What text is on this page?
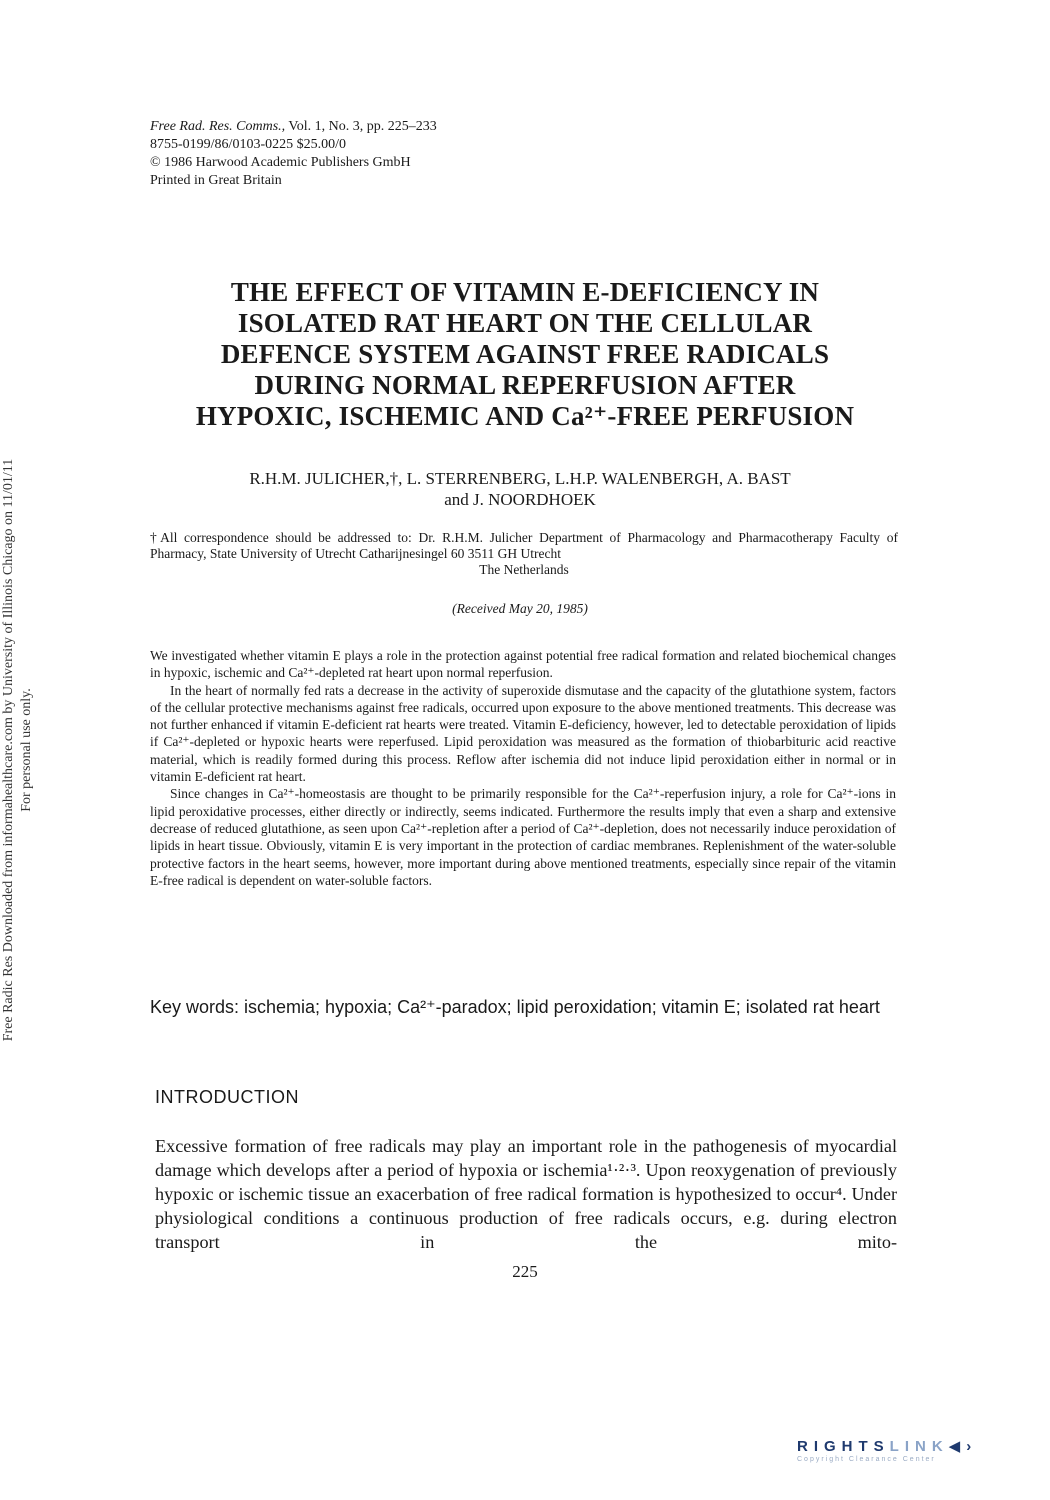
Free Radic Res Downloaded from informahealthcare.com by University of Illinois Chicago on 11/01/11 For personal use only.
Free Rad. Res. Comms., Vol. 1, No. 3, pp. 225–233
8755-0199/86/0103-0225 $25.00/0
© 1986 Harwood Academic Publishers GmbH
Printed in Great Britain
THE EFFECT OF VITAMIN E-DEFICIENCY IN
ISOLATED RAT HEART ON THE CELLULAR
DEFENCE SYSTEM AGAINST FREE RADICALS
DURING NORMAL REPERFUSION AFTER
HYPOXIC, ISCHEMIC AND Ca²⁺-FREE PERFUSION
R.H.M. JULICHER,†, L. STERRENBERG, L.H.P. WALENBERGH, A. BAST
and J. NOORDHOEK
†All correspondence should be addressed to: Dr. R.H.M. Julicher Department of Pharmacology and Pharmacotherapy Faculty of Pharmacy, State University of Utrecht Catharijnesingel 60 3511 GH Utrecht
The Netherlands
(Received May 20, 1985)

We investigated whether vitamin E plays a role in the protection against potential free radical formation and related biochemical changes in hypoxic, ischemic and Ca²⁺-depleted rat heart upon normal reperfusion.

In the heart of normally fed rats a decrease in the activity of superoxide dismutase and the capacity of the glutathione system, factors of the cellular protective mechanisms against free radicals, occurred upon exposure to the above mentioned treatments. This decrease was not further enhanced if vitamin E-deficient rat hearts were treated. Vitamin E-deficiency, however, led to detectable peroxidation of lipids if Ca²⁺-depleted or hypoxic hearts were reperfused. Lipid peroxidation was measured as the formation of thiobarbituric acid reactive material, which is readily formed during this process. Reflow after ischemia did not induce lipid peroxidation either in normal or in vitamin E-deficient rat heart.

Since changes in Ca²⁺-homeostasis are thought to be primarily responsible for the Ca²⁺-reperfusion injury, a role for Ca²⁺-ions in lipid peroxidative processes, either directly or indirectly, seems indicated. Furthermore the results imply that even a sharp and extensive decrease of reduced glutathione, as seen upon Ca²⁺-repletion after a period of Ca²⁺-depletion, does not necessarily induce peroxidation of lipids in heart tissue. Obviously, vitamin E is very important in the protection of cardiac membranes. Replenishment of the water-soluble protective factors in the heart seems, however, more important during above mentioned treatments, especially since repair of the vitamin E-free radical is dependent on water-soluble factors.

Key words: ischemia; hypoxia; Ca²⁺-paradox; lipid peroxidation; vitamin E; isolated rat heart
INTRODUCTION
Excessive formation of free radicals may play an important role in the pathogenesis of myocardial damage which develops after a period of hypoxia or ischemia¹·²·³. Upon reoxygenation of previously hypoxic or ischemic tissue an exacerbation of free radical formation is hypothesized to occur⁴. Under physiological conditions a continuous production of free radicals occurs, e.g. during electron transport in the mito-
225
RIGHTSLINK◀›
Copyright Clearance Center
